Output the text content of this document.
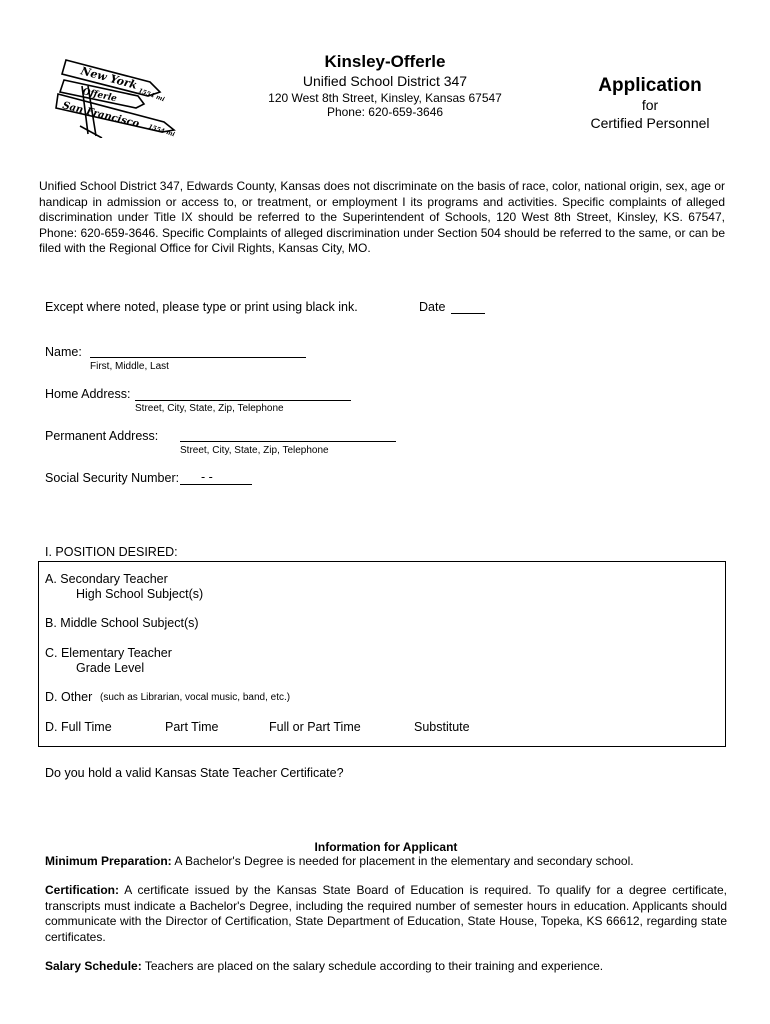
New York
Offerle
San Francisco
1554 mi
1554 mi
Kinsley-Offerle
Unified School District 347
120 West 8th Street, Kinsley, Kansas 67547
Phone: 620-659-3646
Application
for
Certified Personnel
Unified School District 347, Edwards County, Kansas does not discriminate on the basis of race, color, national origin, sex, age or handicap in admission or access to, or treatment, or employment I its programs and activities. Specific complaints of alleged discrimination under Title IX should be referred to the Superintendent of Schools, 120 West 8th Street, Kinsley, KS. 67547, Phone: 620-659-3646. Specific Complaints of alleged discrimination under Section 504 should be referred to the same, or can be filed with the Regional Office for Civil Rights, Kansas City, MO.
Except where noted, please type or print using black ink.	Date
Name:
First, Middle, Last
Home Address:
Street, City, State, Zip, Telephone
Permanent Address:
Street, City, State, Zip, Telephone
Social Security Number: - -
I. POSITION DESIRED:
A. Secondary Teacher
High School Subject(s)
B. Middle School Subject(s)
C. Elementary Teacher
Grade Level
D. Other (such as Librarian, vocal music, band, etc.)
D. Full Time	Part Time	Full or Part Time	Substitute
Do you hold a valid Kansas State Teacher Certificate?
Information for Applicant
Minimum Preparation: A Bachelor's Degree is needed for placement in the elementary and secondary school.
Certification: A certificate issued by the Kansas State Board of Education is required. To qualify for a degree certificate, transcripts must indicate a Bachelor's Degree, including the required number of semester hours in education. Applicants should communicate with the Director of Certification, State Department of Education, State House, Topeka, KS 66612, regarding state certificates.
Salary Schedule: Teachers are placed on the salary schedule according to their training and experience.
